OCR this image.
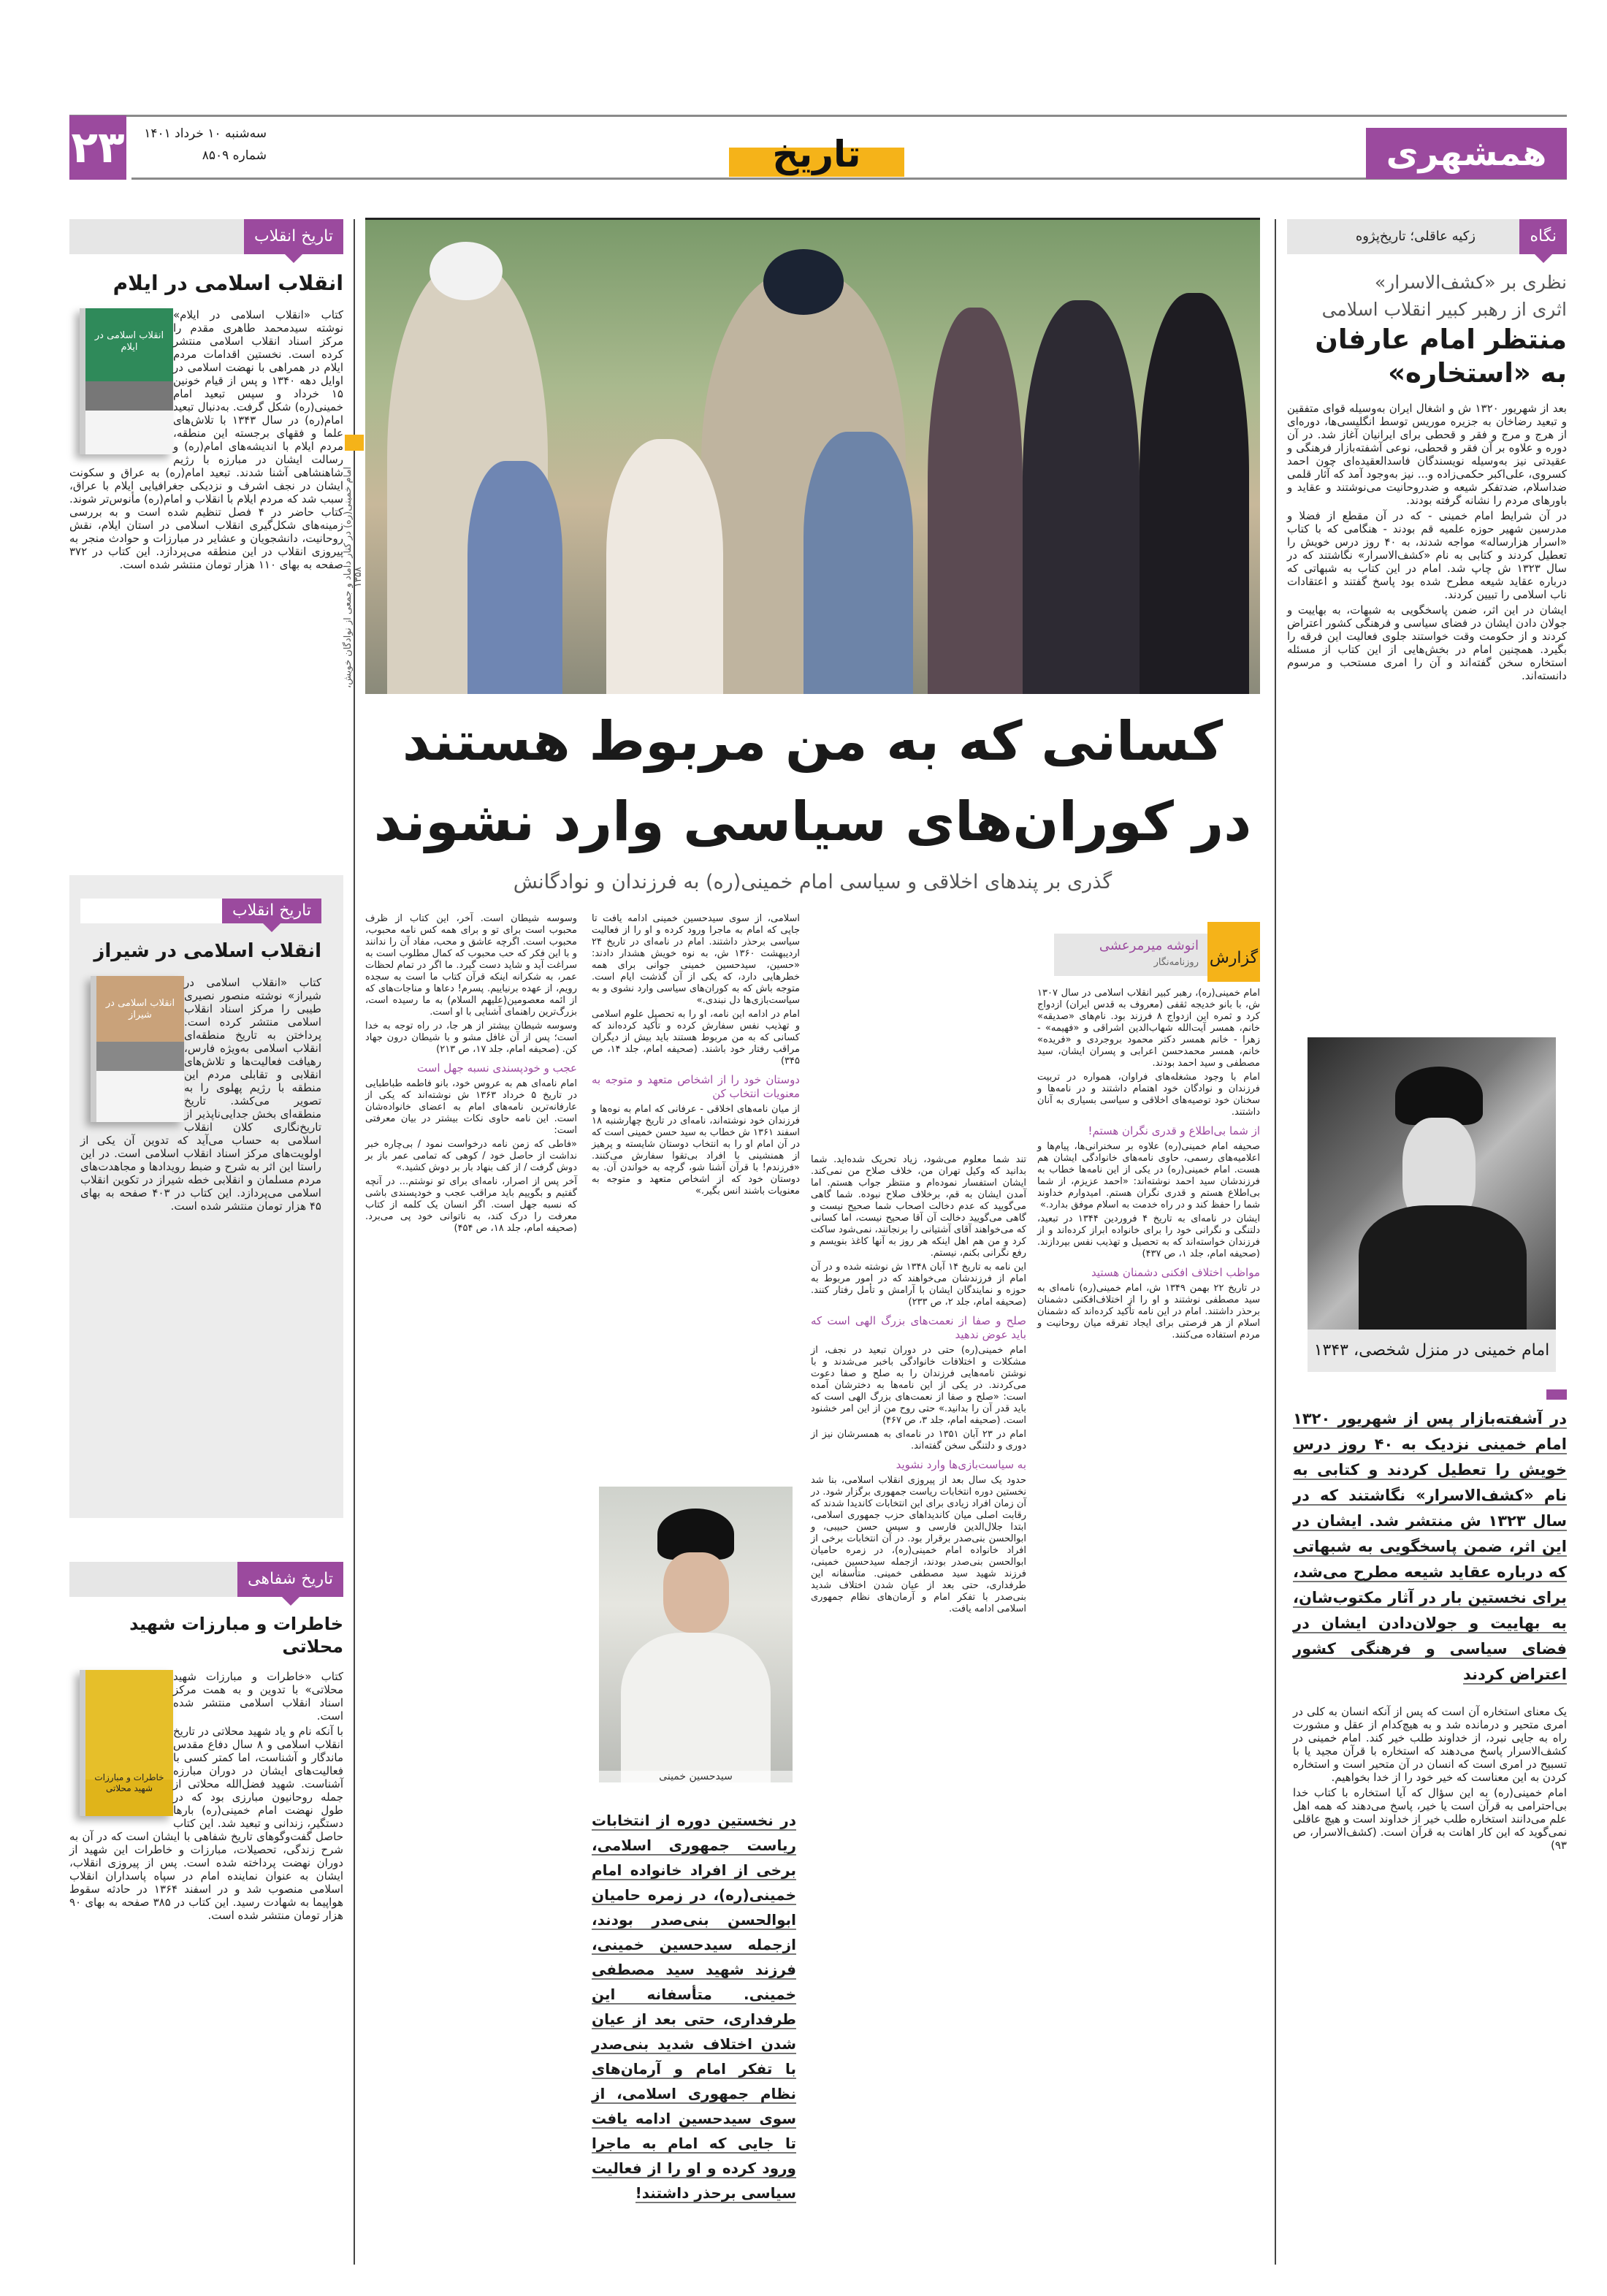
همشهری
۲۳	سه‌شنبه ۱۰ خرداد ۱۴۰۱
شماره ۸۵۰۹	تاریخ
نگاه
زکیه عاقلی؛ تاریخ‌پژوه
نظری بر «کشف‌الاسرار»
اثری از رهبر کبیر انقلاب اسلامی
منتظر امام عارفان
به «استخاره»

بعد از شهریور ۱۳۲۰ ش و اشغال ایران به‌وسیله قوای متفقین و تبعید رضاخان به جزیره موریس توسط انگلیسی‌ها، دوره‌ای از هرج و مرج و فقر و قحطی برای ایرانیان آغاز شد. در آن دوره و علاوه بر آن فقر و قحطی، نوعی آشفته‌بازار فرهنگی و عقیدتی نیز به‌وسیله نویسندگان فاسدالعقیده‌ای چون احمد کسروی، علی‌اکبر حکمی‌زاده و... نیز به‌وجود آمد که آثار قلمی ضداسلام، ضدتفکر شیعه و ضدروحانیت می‌نوشتند و عقاید و باورهای مردم را نشانه گرفته بودند.

در آن شرایط امام خمینی - که در آن مقطع از فضلا و مدرسین شهیر حوزه علمیه قم بودند - هنگامی که با کتاب «اسرار هزارساله» مواجه شدند، به ۴۰ روز درس خویش را تعطیل کردند و کتابی به نام «کشف‌الاسرار» نگاشتند که در سال ۱۳۲۳ ش چاپ شد. امام در این کتاب به شبهاتی که درباره عقاید شیعه مطرح شده بود پاسخ گفتند و اعتقادات ناب اسلامی را تبیین کردند.

ایشان در این اثر، ضمن پاسخگویی به شبهات، به بهاییت و جولان دادن ایشان در فضای سیاسی و فرهنگی کشور اعتراض کردند و از حکومت وقت خواستند جلوی فعالیت این فرقه را بگیرد. همچنین امام در بخش‌هایی از این کتاب از مسئله استخاره سخن گفته‌اند و آن را امری مستحب و مرسوم دانسته‌اند.

امام خمینی در منزل شخصی، ۱۳۴۳
در آشفته‌بازار پس از شهریور ۱۳۲۰ امام خمینی نزدیک به ۴۰ روز درس خویش را تعطیل کردند و کتابی به نام «کشف‌الاسرار» نگاشتند که در سال ۱۳۲۳ ش منتشر شد. ایشان در این اثر، ضمن پاسخگویی به شبهاتی که درباره عقاید شیعه مطرح می‌شد، برای نخستین بار در آثار مکتوب‌شان، به بهاییت و جولان‌دادن ایشان در فضای سیاسی و فرهنگی کشور اعتراض کردند

یک معنای استخاره آن است که پس از آنکه انسان به کلی در امری متحیر و درمانده شد و به هیچ‌کدام از عقل و مشورت راه به جایی نبرد، از خداوند طلب خیر کند. امام خمینی در کشف‌الاسرار پاسخ می‌دهند که استخاره با قرآن مجید یا با تسبیح در امری است که انسان در آن متحیر است و استخاره کردن به این معناست که خیر خود را از خدا بخواهیم.

امام خمینی(ره) به این سؤال که آیا استخاره با کتاب خدا بی‌احترامی به قرآن است یا خیر، پاسخ می‌دهند که همه اهل علم می‌دانند استخاره طلب خیر از خداوند است و هیچ عاقلی نمی‌گوید که این کار اهانت به قرآن است. (کشف‌الاسرار، ص ۹۳)

امام خمینی(ره) در کنار داماد و جمعی از نوادگان خویش، ۱۳۵۸
کسانی که به من مربوط هستند
در کوران‌های سیاسی وارد نشوند
گذری بر پندهای اخلاقی و سیاسی امام خمینی(ره) به فرزندان و نوادگانش
انوشه میرمرعشی
روزنامه‌نگار گزارش

امام خمینی(ره)، رهبر کبیر انقلاب اسلامی در سال ۱۳۰۷ ش، با بانو خدیجه ثقفی (معروف به قدس ایران) ازدواج کرد و ثمره این ازدواج ۸ فرزند بود. نام‌های «صدیقه» خانم، همسر آیت‌الله شهاب‌الدین اشراقی و «فهیمه» - زهرا - خانم همسر دکتر محمود بروجردی و «فریده» خانم، همسر محمدحسن اعرابی و پسران ایشان، سید مصطفی و سید احمد بودند.

امام با وجود مشغله‌های فراوان، همواره در تربیت فرزندان و نوادگان خود اهتمام داشتند و در نامه‌ها و سخنان خود توصیه‌های اخلاقی و سیاسی بسیاری به آنان داشتند.

از شما بی‌اطلاع و قدری نگران هستم!

صحیفه امام خمینی(ره) علاوه بر سخنرانی‌ها، پیام‌ها و اعلامیه‌های رسمی، حاوی نامه‌های خانوادگی ایشان هم هست. امام خمینی(ره) در یکی از این نامه‌ها خطاب به فرزندشان سید احمد نوشته‌اند: «احمد عزیزم، از شما بی‌اطلاع هستم و قدری نگران هستم. امیدوارم خداوند شما را حفظ کند و در راه خدمت به اسلام موفق بدارد.»

ایشان در نامه‌ای به تاریخ ۴ فروردین ۱۳۴۴ در تبعید، دلتنگی و نگرانی خود را برای خانواده ابراز کرده‌اند و از فرزندان خواسته‌اند که به تحصیل و تهذیب نفس بپردازند. (صحیفه امام، جلد ۱، ص ۴۳۷)

مواظب اختلاف افکنی دشمنان هستید

در تاریخ ۲۲ بهمن ۱۳۴۹ ش، امام خمینی(ره) نامه‌ای به سید مصطفی نوشتند و او را از اختلاف‌افکنی دشمنان برحذر داشتند. امام در این نامه تأکید کرده‌اند که دشمنان اسلام از هر فرصتی برای ایجاد تفرقه میان روحانیت و مردم استفاده می‌کنند.

تند شما معلوم می‌شود، زیاد تحریک شده‌اید. شما بدانید که وکیل تهران من، خلاف صلاح من نمی‌کند. ایشان استفسار نموده‌ام و منتظر جواب هستم. اما آمدن ایشان به قم، برخلاف صلاح نبوده. شما گاهی می‌گویید که عدم دخالت اصحاب شما صحیح نیست و گاهی می‌گویید دخالت آن آقا صحیح نیست، اما کسانی که می‌خواهند آقای آشتیانی را برنجانند، نمی‌شود ساکت کرد و من هم اهل اینکه هر روز به آنها کاغذ بنویسم و رفع نگرانی بکنم، نیستم.

این نامه به تاریخ ۱۴ آبان ۱۳۴۸ ش نوشته شده و در آن امام از فرزندشان می‌خواهند که در امور مربوط به حوزه و نمایندگان ایشان با آرامش و تأمل رفتار کنند. (صحیفه امام، جلد ۲، ص ۲۳۳)

صلح و صفا از نعمت‌های بزرگ الهی است که باید عوض ندهید

امام خمینی(ره) حتی در دوران تبعید در نجف، از مشکلات و اختلافات خانوادگی باخبر می‌شدند و با نوشتن نامه‌هایی فرزندان را به صلح و صفا دعوت می‌کردند. در یکی از این نامه‌ها به دخترشان آمده است: «صلح و صفا از نعمت‌های بزرگ الهی است که باید قدر آن را بدانید.» حتی روح من از این امر خشنود است. (صحیفه امام، جلد ۳، ص ۴۶۷)

امام در ۲۳ آبان ۱۳۵۱ در نامه‌ای به همسرشان نیز از دوری و دلتنگی سخن گفته‌اند.

به سیاست‌بازی‌ها وارد نشوید

حدود یک سال بعد از پیروزی انقلاب اسلامی، بنا شد نخستین دوره انتخابات ریاست جمهوری برگزار شود. در آن زمان افراد زیادی برای این انتخابات کاندیدا شدند که رقابت اصلی میان کاندیداهای حزب جمهوری اسلامی، ابتدا جلال‌الدین فارسی و سپس حسن حبیبی، و ابوالحسن بنی‌صدر برقرار بود. در آن انتخابات برخی از افراد خانواده امام خمینی(ره)، در زمره حامیان ابوالحسن بنی‌صدر بودند، ازجمله سیدحسین خمینی، فرزند شهید سید مصطفی خمینی. متأسفانه این طرفداری، حتی بعد از عیان شدن اختلاف شدید بنی‌صدر با تفکر امام و آرمان‌های نظام جمهوری اسلامی ادامه یافت.

اسلامی، از سوی سیدحسین خمینی ادامه یافت تا جایی که امام به ماجرا ورود کرده و او را از فعالیت سیاسی برحذر داشتند. امام در نامه‌ای در تاریخ ۲۴ اردیبهشت ۱۳۶۰ ش، به نوه خویش هشدار دادند: «حسین، سیدحسین خمینی جوانی برای همه خطرهایی دارد، که یکی از آن گذشت ایام است. متوجه باش که به کوران‌های سیاسی وارد نشوی و به سیاست‌بازی‌ها دل نبندی.»

امام در ادامه این نامه، او را به تحصیل علوم اسلامی و تهذیب نفس سفارش کرده و تأکید کرده‌اند که کسانی که به من مربوط هستند باید بیش از دیگران مراقب رفتار خود باشند. (صحیفه امام، جلد ۱۴، ص ۳۴۵)

دوستان خود را از اشخاص متعهد و متوجه به معنویات انتخاب کن

از میان نامه‌های اخلاقی - عرفانی که امام به نوه‌ها و فرزندان خود نوشته‌اند، نامه‌ای در تاریخ چهارشنبه ۱۸ اسفند ۱۳۶۱ ش خطاب به سید حسن خمینی است که در آن امام او را به انتخاب دوستان شایسته و پرهیز از همنشینی با افراد بی‌تقوا سفارش می‌کنند. «فرزندم! با قرآن آشنا شو، گرچه به خواندن آن. به دوستان خود که از اشخاص متعهد و متوجه به معنویات باشند انس بگیر.»

سیدحسین خمینی
در نخستین دوره از انتخابات ریاست جمهوری اسلامی، برخی از افراد خانواده امام خمینی(ره)، در زمره حامیان ابوالحسن بنی‌صدر بودند، ازجمله سیدحسین خمینی، فرزند شهید سید مصطفی خمینی. متأسفانه این طرفداری، حتی بعد از عیان شدن اختلاف شدید بنی‌صدر با تفکر امام و آرمان‌های نظام جمهوری اسلامی، از سوی سیدحسین ادامه یافت تا جایی که امام به ماجرا ورود کرده و او را از فعالیت سیاسی برحذر داشتند!

وسوسه شیطان است. آخر، این کتاب از ظرف محبوب است برای تو و برای همه کس نامه محبوب، محبوب است. اگرچه عاشق و محب، مفاد آن را ندانند و با این فکر که حب محبوب که کمال مطلوب است به سراغت آید و شاید دست گیرد. ما اگر در تمام لحظات عمر، به شکرانه اینکه قرآن کتاب ما است به سجده رویم، از عهده برنیاییم. پسرم! دعاها و مناجات‌های که از ائمه معصومین(علیهم السلام) به ما رسیده است، بزرگ‌ترین راهنمای آشنایی با او است.

وسوسه شیطان بیشتر از هر جا، در راه توجه به خدا است؛ پس از آن غافل مشو و با شیطان درون جهاد کن. (صحیفه امام، جلد ۱۷، ص ۲۱۳)

عجب و خودپسندی نسبه جهل است

امام نامه‌ای هم به عروس خود، بانو فاطمه طباطبایی در تاریخ ۵ خرداد ۱۳۶۳ ش نوشته‌اند که یکی از عارفانه‌ترین نامه‌های امام به اعضای خانواده‌شان است. این نامه حاوی نکات بیشتر در بیان معرفتی است:

«فاطی که زمن نامه درخواست نمود / بی‌چاره خبر نداشت از حاصل خود / کوهی که تمامی عمر باز بر دوش گرفت / از کف بنهاد بار بر دوش کشید.»

آخر پس از اصرار، نامه‌ای برای تو نوشتم... در آنچه گفتیم و بگوییم باید مراقب عجب و خودپسندی باشی که نسبه جهل است. اگر انسان یک کلمه از کتاب معرفت را درک کند، به ناتوانی خود پی می‌برد. (صحیفه امام، جلد ۱۸، ص ۴۵۴)

تاریخ انقلاب
انقلاب اسلامی در ایلام
انقلاب اسلامی در ایلام

کتاب «انقلاب اسلامی در ایلام» نوشته سیدمحمد طاهری مقدم را مرکز اسناد انقلاب اسلامی منتشر کرده است. نخستین اقدامات مردم ایلام در همراهی با نهضت اسلامی در اوایل دهه ۱۳۴۰ و پس از قیام خونین ۱۵ خرداد و سپس تبعید امام خمینی(ره) شکل گرفت. به‌دنبال تبعید امام(ره) در سال ۱۳۴۳ با تلاش‌های علما و فقهای برجسته این منطقه، مردم ایلام با اندیشه‌های امام(ره) و رسالت ایشان در مبارزه با رژیم شاهنشاهی آشنا شدند. تبعید امام(ره) به عراق و سکونت ایشان در نجف اشرف و نزدیکی جغرافیایی ایلام با عراق، سبب شد که مردم ایلام با انقلاب و امام(ره) مأنوس‌تر شوند. کتاب حاضر در ۴ فصل تنظیم شده است و به بررسی زمینه‌های شکل‌گیری انقلاب اسلامی در استان ایلام، نقش روحانیت، دانشجویان و عشایر در مبارزات و حوادث منجر به پیروزی انقلاب در این منطقه می‌پردازد. این کتاب در ۳۷۲ صفحه به بهای ۱۱۰ هزار تومان منتشر شده است.

تاریخ انقلاب
انقلاب اسلامی در شیراز
انقلاب اسلامی در شیراز

کتاب «انقلاب اسلامی در شیراز» نوشته منصور نصیری طیبی را مرکز اسناد انقلاب اسلامی منتشر کرده است. پرداختن به تاریخ منطقه‌ای انقلاب اسلامی به‌ویژه فارس، رهیافت فعالیت‌ها و تلاش‌های انقلابی و تقابلی مردم این منطقه با رژیم پهلوی را به تصویر می‌کشد. تاریخ منطقه‌ای بخش جدایی‌ناپذیر از تاریخ‌نگاری کلان انقلاب اسلامی به حساب می‌آید که تدوین آن یکی از اولویت‌های مرکز اسناد انقلاب اسلامی است. در این راستا این اثر به شرح و ضبط رویدادها و مجاهدت‌های مردم مسلمان و انقلابی خطه شیراز در تکوین انقلاب اسلامی می‌پردازد. این کتاب در ۴۰۳ صفحه به بهای ۴۵ هزار تومان منتشر شده است.

تاریخ شفاهی
خاطرات و مبارزات شهید محلاتی
خاطرات و مبارزات شهید محلاتی

کتاب «خاطرات و مبارزات شهید محلاتی» با تدوین و به همت مرکز اسناد انقلاب اسلامی منتشر شده است.

با آنکه نام و یاد شهید محلاتی در تاریخ انقلاب اسلامی و ۸ سال دفاع مقدس ماندگار و آشناست، اما کمتر کسی با فعالیت‌های ایشان در دوران مبارزه آشناست. شهید فضل‌الله محلاتی از جمله روحانیون مبارزی بود که در طول نهضت امام خمینی(ره) بارها دستگیر، زندانی و تبعید شد. این کتاب حاصل گفت‌وگوهای تاریخ شفاهی با ایشان است که در آن به شرح زندگی، تحصیلات، مبارزات و خاطرات این شهید از دوران نهضت پرداخته شده است. پس از پیروزی انقلاب، ایشان به عنوان نماینده امام در سپاه پاسداران انقلاب اسلامی منصوب شد و در اسفند ۱۳۶۴ در حادثه سقوط هواپیما به شهادت رسید. این کتاب در ۳۸۵ صفحه به بهای ۹۰ هزار تومان منتشر شده است.
